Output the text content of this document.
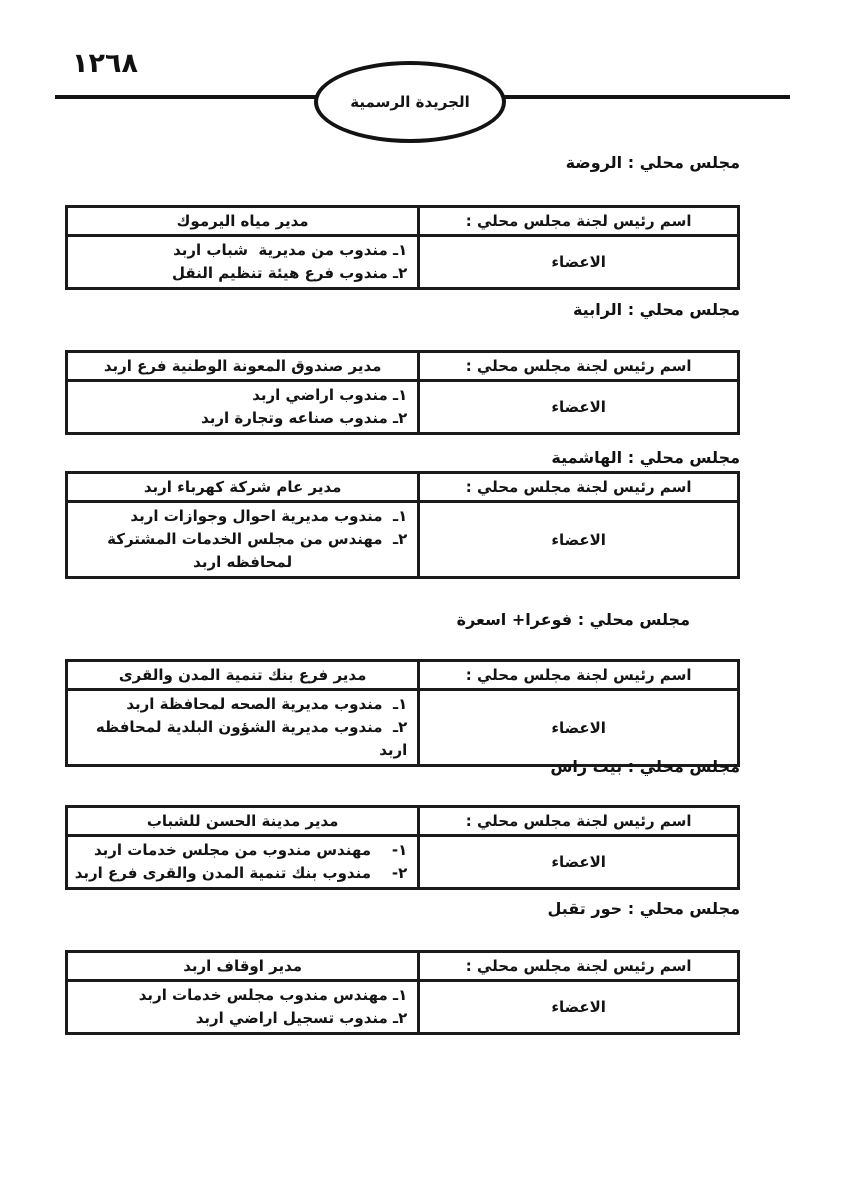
١٢٦٨
الجريدة الرسمية
مجلس محلي : الروضة
اسم رئيس لجنة مجلس محلي :	مدير مياه اليرموك
الاعضاء	١ـ مندوب من مديرية  شباب اربد
٢ـ مندوب فرع هيئة تنظيم النقل
مجلس محلي : الرابية
اسم رئيس لجنة مجلس محلي :	مدير صندوق المعونة الوطنية فرع اربد
الاعضاء	١ـ مندوب اراضي اربد
٢ـ مندوب صناعه وتجارة اربد
مجلس محلي : الهاشمية
اسم رئيس لجنة مجلس محلي :	مدير عام شركة كهرباء اربد
الاعضاء	١ـ  مندوب مديرية احوال وجوازات اربد
٢ـ  مهندس من مجلس الخدمات المشتركة
لمحافظه اربد
مجلس محلي : فوعرا+ اسعرة
اسم رئيس لجنة مجلس محلي :	مدير فرع بنك تنمية المدن والقرى
الاعضاء	١ـ  مندوب مديرية الصحه لمحافظة اربد
٢ـ  مندوب مديرية الشؤون البلدية لمحافظه اربد
مجلس محلي : بيت راس
اسم رئيس لجنة مجلس محلي :	مدير مدينة الحسن للشباب
الاعضاء	١-    مهندس مندوب من مجلس خدمات اربد
٢-    مندوب بنك تنمية المدن والقرى فرع اربد
مجلس محلي : حور تقبل
اسم رئيس لجنة مجلس محلي :	مدير اوقاف اربد
الاعضاء	١ـ مهندس مندوب مجلس خدمات اربد
٢ـ مندوب تسجيل اراضي اربد
